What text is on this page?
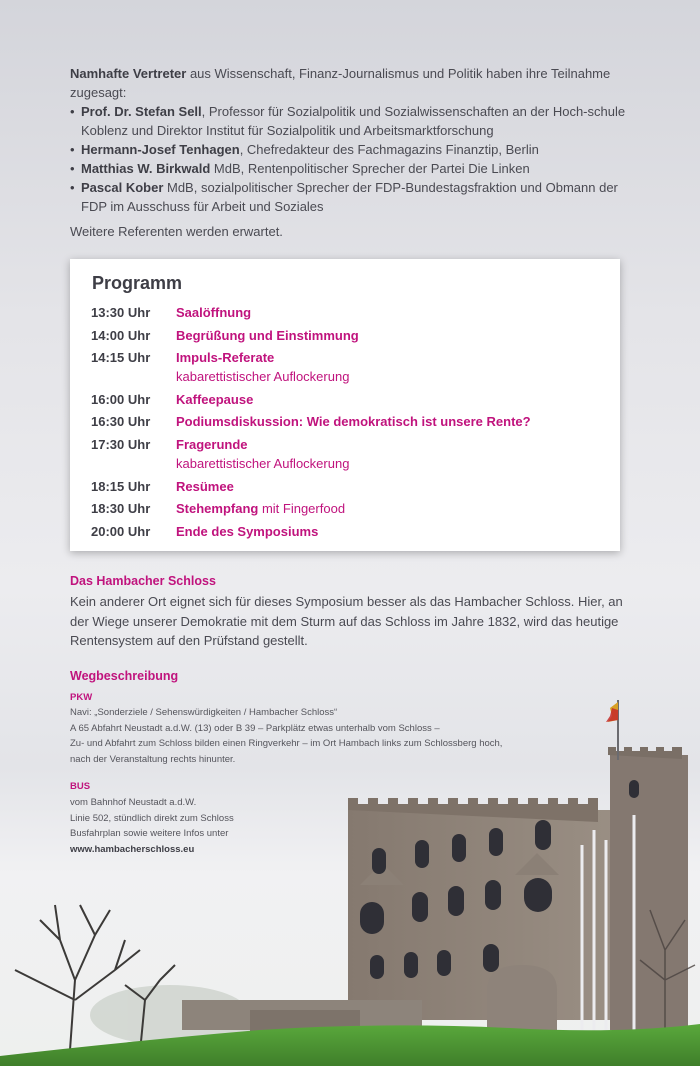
Namhafte Vertreter aus Wissenschaft, Finanz-Journalismus und Politik haben ihre Teilnahme zugesagt:

• Prof. Dr. Stefan Sell, Professor für Sozialpolitik und Sozialwissenschaften an der Hoch-schule Koblenz und Direktor Institut für Sozialpolitik und Arbeitsmarktforschung
• Hermann-Josef Tenhagen, Chefredakteur des Fachmagazins Finanztip, Berlin
• Matthias W. Birkwald MdB, Rentenpolitischer Sprecher der Partei Die Linken
• Pascal Kober MdB, sozialpolitischer Sprecher der FDP-Bundestagsfraktion und Obmann der FDP im Ausschuss für Arbeit und Soziales
Weitere Referenten werden erwartet.
Programm
13:30 Uhr	Saalöffnung
14:00 Uhr	Begrüßung und Einstimmung
14:15 Uhr	Impuls-Referate
kabarettistischer Auflockerung
16:00 Uhr	Kaffeepause
16:30 Uhr	Podiumsdiskussion: Wie demokratisch ist unsere Rente?
17:30 Uhr	Fragerunde
kabarettistischer Auflockerung
18:15 Uhr	Resümee
18:30 Uhr	Stehempfang mit Fingerfood
20:00 Uhr	Ende des Symposiums
Das Hambacher Schloss
Kein anderer Ort eignet sich für dieses Symposium besser als das Hambacher Schloss. Hier, an der Wiege unserer Demokratie mit dem Sturm auf das Schloss im Jahre 1832, wird das heutige Rentensystem auf den Prüfstand gestellt.
Wegbeschreibung
PKW
Navi: „Sonderziele / Sehenswürdigkeiten / Hambacher Schloss“
A 65 Abfahrt Neustadt a.d.W. (13) oder B 39 – Parkplätz etwas unterhalb vom Schloss –
Zu- und Abfahrt zum Schloss bilden einen Ringverkehr – im Ort Hambach links zum Schlossberg hoch,
nach der Veranstaltung rechts hinunter.
BUS
vom Bahnhof Neustadt a.d.W.
Linie 502, stündlich direkt zum Schloss
Busfahrplan sowie weitere Infos unter
www.hambacherschloss.eu
